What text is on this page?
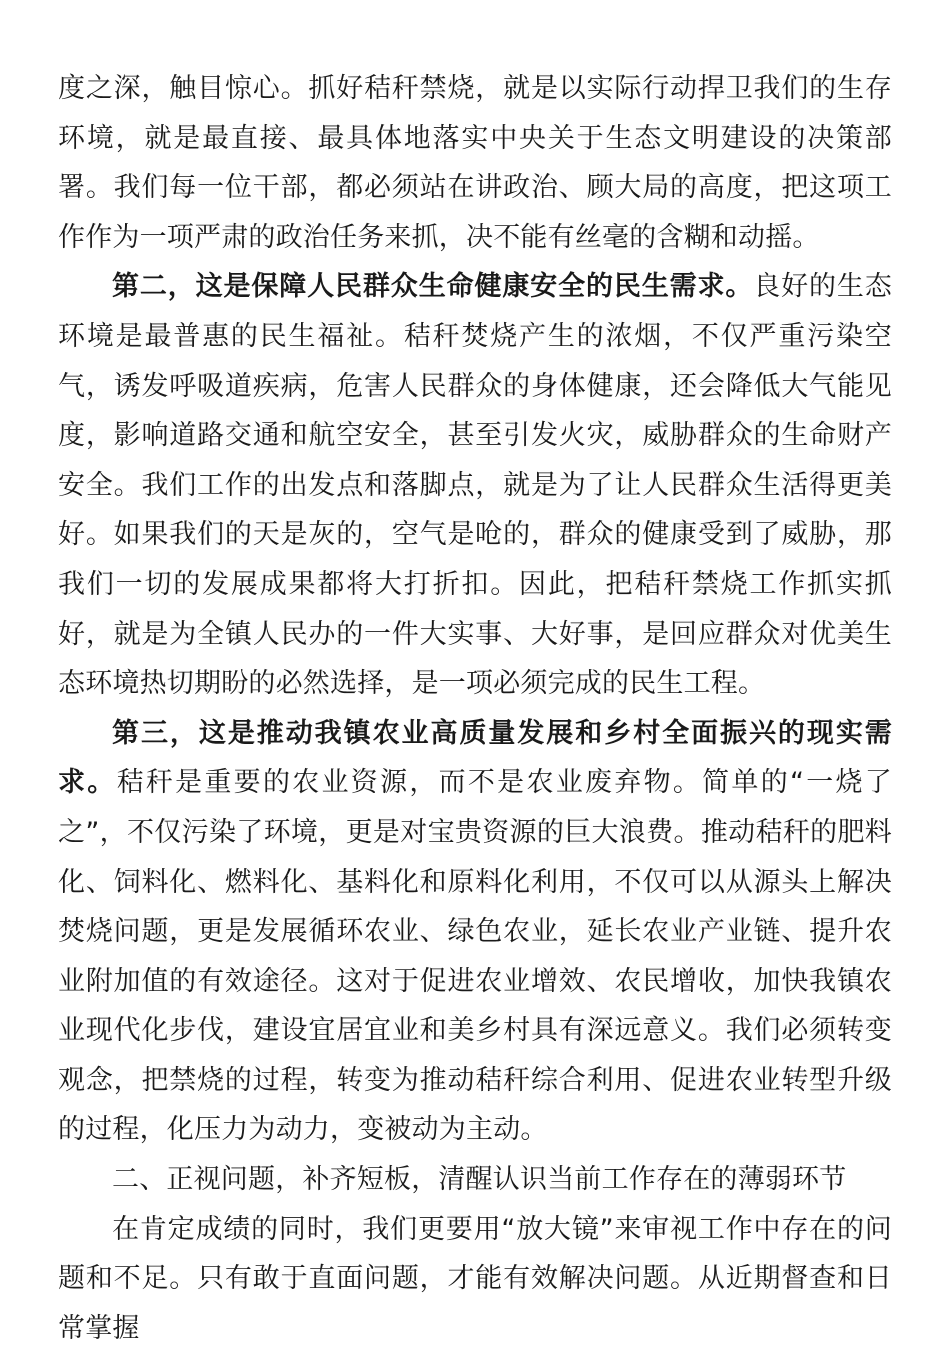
度之深，触目惊心。抓好秸秆禁烧，就是以实际行动捍卫我们的生存环境，就是最直接、最具体地落实中央关于生态文明建设的决策部署。我们每一位干部，都必须站在讲政治、顾大局的高度，把这项工作作为一项严肃的政治任务来抓，决不能有丝毫的含糊和动摇。

第二，这是保障人民群众生命健康安全的民生需求。良好的生态环境是最普惠的民生福祉。秸秆焚烧产生的浓烟，不仅严重污染空气，诱发呼吸道疾病，危害人民群众的身体健康，还会降低大气能见度，影响道路交通和航空安全，甚至引发火灾，威胁群众的生命财产安全。我们工作的出发点和落脚点，就是为了让人民群众生活得更美好。如果我们的天是灰的，空气是呛的，群众的健康受到了威胁，那我们一切的发展成果都将大打折扣。因此，把秸秆禁烧工作抓实抓好，就是为全镇人民办的一件大实事、大好事，是回应群众对优美生态环境热切期盼的必然选择，是一项必须完成的民生工程。

第三，这是推动我镇农业高质量发展和乡村全面振兴的现实需求。秸秆是重要的农业资源，而不是农业废弃物。简单的“一烧了之”，不仅污染了环境，更是对宝贵资源的巨大浪费。推动秸秆的肥料化、饲料化、燃料化、基料化和原料化利用，不仅可以从源头上解决焚烧问题，更是发展循环农业、绿色农业，延长农业产业链、提升农业附加值的有效途径。这对于促进农业增效、农民增收，加快我镇农业现代化步伐，建设宜居宜业和美乡村具有深远意义。我们必须转变观念，把禁烧的过程，转变为推动秸秆综合利用、促进农业转型升级的过程，化压力为动力，变被动为主动。

二、正视问题，补齐短板，清醒认识当前工作存在的薄弱环节

在肯定成绩的同时，我们更要用“放大镜”来审视工作中存在的问题和不足。只有敢于直面问题，才能有效解决问题。从近期督查和日常掌握
